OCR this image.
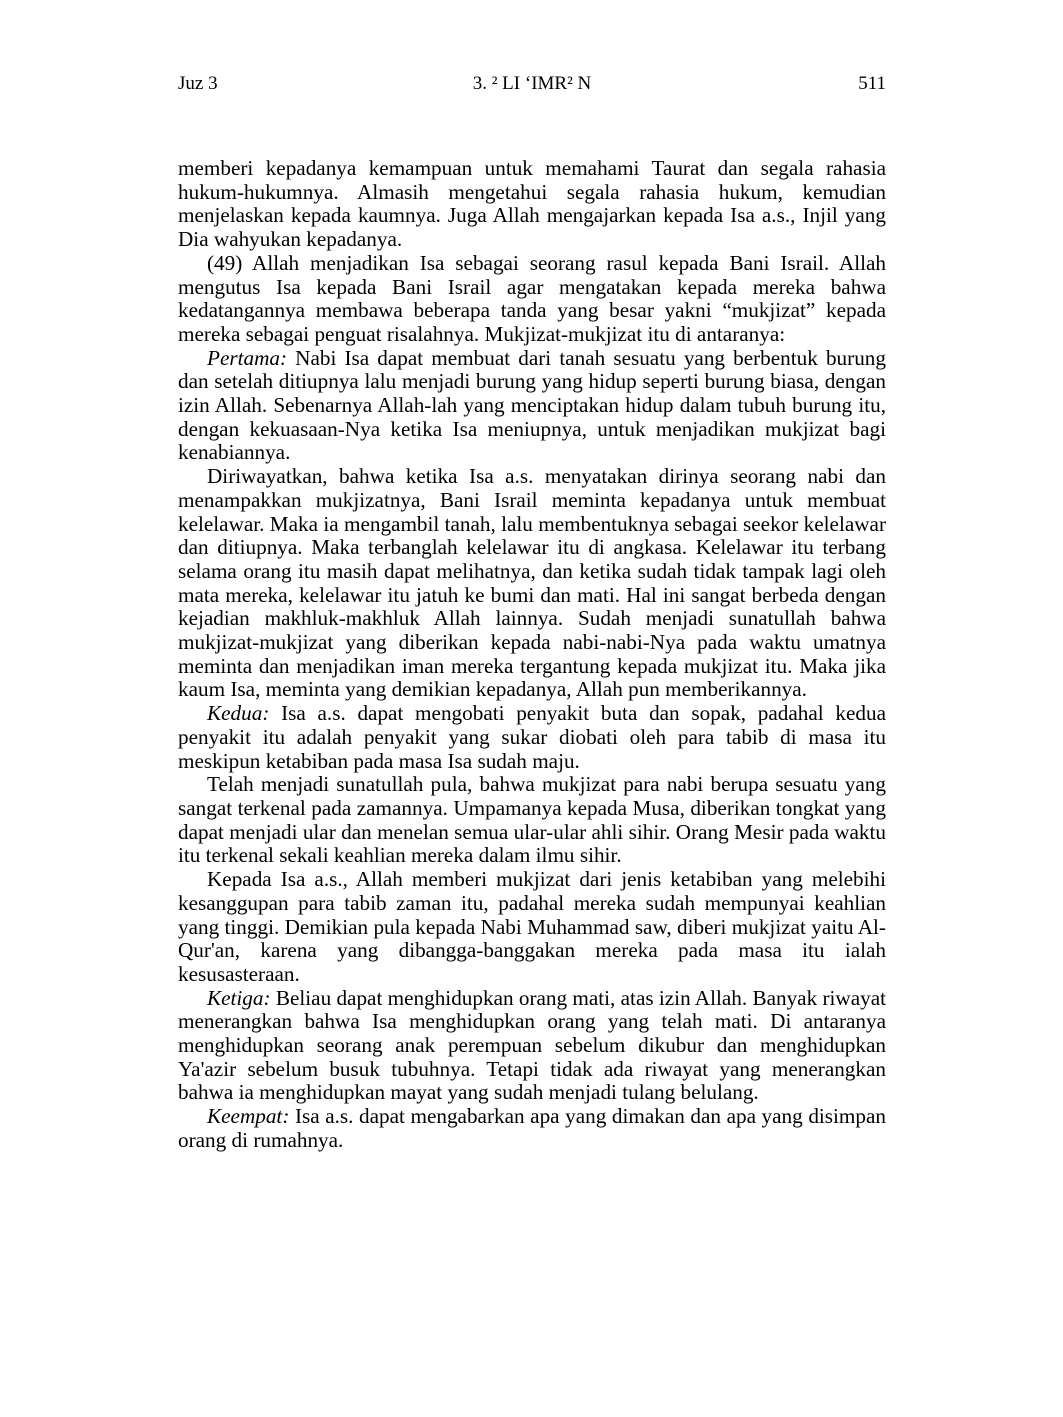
Juz 3	3. ² LI ‘IMR² N	511

memberi kepadanya kemampuan untuk memahami Taurat dan segala rahasia hukum-hukumnya. Almasih mengetahui segala rahasia hukum, kemudian menjelaskan kepada kaumnya. Juga Allah mengajarkan kepada Isa a.s., Injil yang Dia wahyukan kepadanya.

(49) Allah menjadikan Isa sebagai seorang rasul kepada Bani Israil. Allah mengutus Isa kepada Bani Israil agar mengatakan kepada mereka bahwa kedatangannya membawa beberapa tanda yang besar yakni “mukjizat” kepada mereka sebagai penguat risalahnya. Mukjizat-mukjizat itu di antaranya:

Pertama: Nabi Isa dapat membuat dari tanah sesuatu yang berbentuk burung dan setelah ditiupnya lalu menjadi burung yang hidup seperti burung biasa, dengan izin Allah. Sebenarnya Allah-lah yang menciptakan hidup dalam tubuh burung itu, dengan kekuasaan-Nya ketika Isa meniupnya, untuk menjadikan mukjizat bagi kenabiannya.

Diriwayatkan, bahwa ketika Isa a.s. menyatakan dirinya seorang nabi dan menampakkan mukjizatnya, Bani Israil meminta kepadanya untuk membuat kelelawar. Maka ia mengambil tanah, lalu membentuknya sebagai seekor kelelawar dan ditiupnya. Maka terbanglah kelelawar itu di angkasa. Kelelawar itu terbang selama orang itu masih dapat melihatnya, dan ketika sudah tidak tampak lagi oleh mata mereka, kelelawar itu jatuh ke bumi dan mati. Hal ini sangat berbeda dengan kejadian makhluk-makhluk Allah lainnya. Sudah menjadi sunatullah bahwa mukjizat-mukjizat yang diberikan kepada nabi-nabi-Nya pada waktu umatnya meminta dan menjadikan iman mereka tergantung kepada mukjizat itu. Maka jika kaum Isa, meminta yang demikian kepadanya, Allah pun memberikannya.

Kedua: Isa a.s. dapat mengobati penyakit buta dan sopak, padahal kedua penyakit itu adalah penyakit yang sukar diobati oleh para tabib di masa itu meskipun ketabiban pada masa Isa sudah maju.

Telah menjadi sunatullah pula, bahwa mukjizat para nabi berupa sesuatu yang sangat terkenal pada zamannya. Umpamanya kepada Musa, diberikan tongkat yang dapat menjadi ular dan menelan semua ular-ular ahli sihir. Orang Mesir pada waktu itu terkenal sekali keahlian mereka dalam ilmu sihir.

Kepada Isa a.s., Allah memberi mukjizat dari jenis ketabiban yang melebihi kesanggupan para tabib zaman itu, padahal mereka sudah mempunyai keahlian yang tinggi. Demikian pula kepada Nabi Muhammad saw, diberi mukjizat yaitu Al-Qur'an, karena yang dibangga-banggakan mereka pada masa itu ialah kesusasteraan.

Ketiga: Beliau dapat menghidupkan orang mati, atas izin Allah. Banyak riwayat menerangkan bahwa Isa menghidupkan orang yang telah mati. Di antaranya menghidupkan seorang anak perempuan sebelum dikubur dan menghidupkan Ya'azir sebelum busuk tubuhnya. Tetapi tidak ada riwayat yang menerangkan bahwa ia menghidupkan mayat yang sudah menjadi tulang belulang.

Keempat: Isa a.s. dapat mengabarkan apa yang dimakan dan apa yang disimpan orang di rumahnya.
